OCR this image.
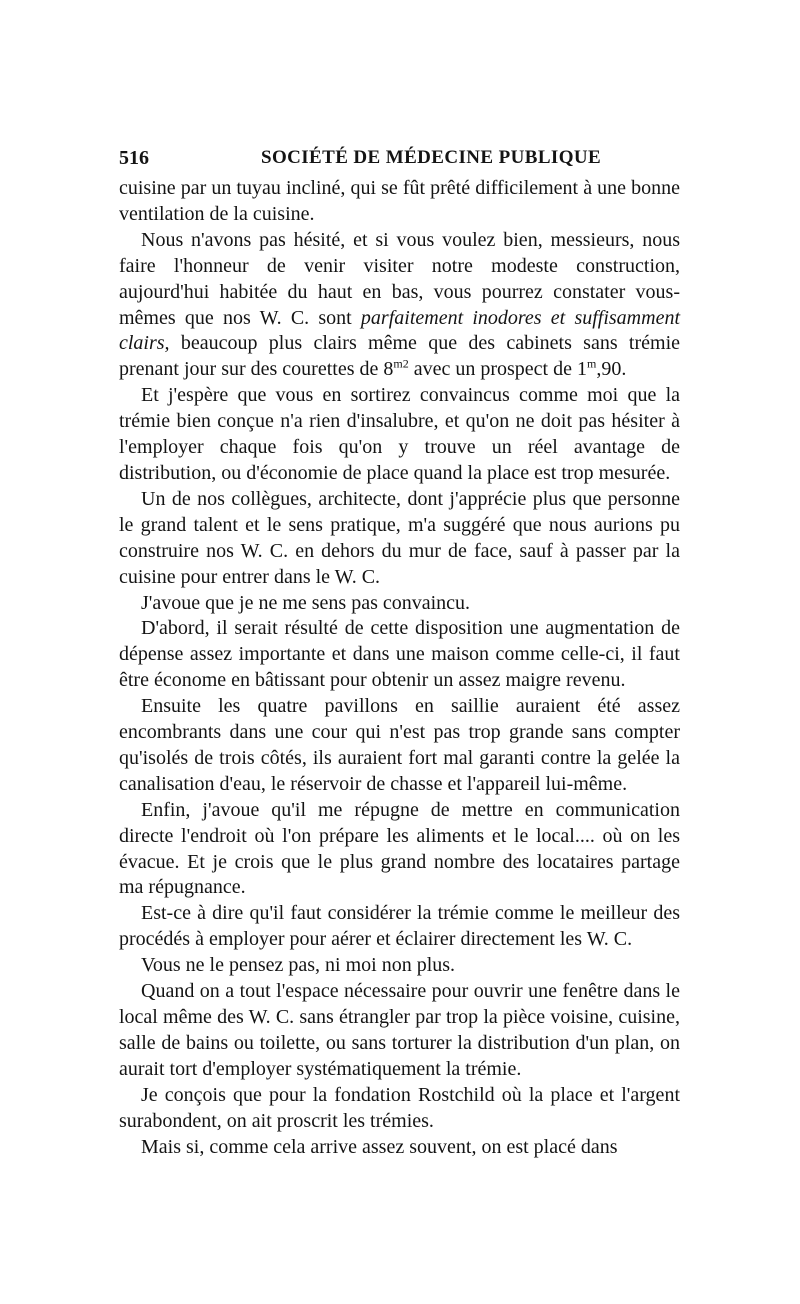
516	SOCIÉTÉ DE MÉDECINE PUBLIQUE

cuisine par un tuyau incliné, qui se fût prêté difficilement à une bonne ventilation de la cuisine.

Nous n'avons pas hésité, et si vous voulez bien, messieurs, nous faire l'honneur de venir visiter notre modeste construction, aujourd'hui habitée du haut en bas, vous pourrez constater vous-mêmes que nos W. C. sont parfaitement inodores et suffisamment clairs, beaucoup plus clairs même que des cabinets sans trémie prenant jour sur des courettes de $8^{m2}$ avec un prospect de 1$^m$,90.

Et j'espère que vous en sortirez convaincus comme moi que la trémie bien conçue n'a rien d'insalubre, et qu'on ne doit pas hésiter à l'employer chaque fois qu'on y trouve un réel avantage de distribution, ou d'économie de place quand la place est trop mesurée.

Un de nos collègues, architecte, dont j'apprécie plus que personne le grand talent et le sens pratique, m'a suggéré que nous aurions pu construire nos W. C. en dehors du mur de face, sauf à passer par la cuisine pour entrer dans le W. C.

J'avoue que je ne me sens pas convaincu.

D'abord, il serait résulté de cette disposition une augmentation de dépense assez importante et dans une maison comme celle-ci, il faut être économe en bâtissant pour obtenir un assez maigre revenu.

Ensuite les quatre pavillons en saillie auraient été assez encombrants dans une cour qui n'est pas trop grande sans compter qu'isolés de trois côtés, ils auraient fort mal garanti contre la gelée la canalisation d'eau, le réservoir de chasse et l'appareil lui-même.

Enfin, j'avoue qu'il me répugne de mettre en communication directe l'endroit où l'on prépare les aliments et le local.... où on les évacue. Et je crois que le plus grand nombre des locataires partage ma répugnance.

Est-ce à dire qu'il faut considérer la trémie comme le meilleur des procédés à employer pour aérer et éclairer directement les W. C.

Vous ne le pensez pas, ni moi non plus.

Quand on a tout l'espace nécessaire pour ouvrir une fenêtre dans le local même des W. C. sans étrangler par trop la pièce voisine, cuisine, salle de bains ou toilette, ou sans torturer la distribution d'un plan, on aurait tort d'employer systématiquement la trémie.

Je conçois que pour la fondation Rostchild où la place et l'argent surabondent, on ait proscrit les trémies.

Mais si, comme cela arrive assez souvent, on est placé dans
